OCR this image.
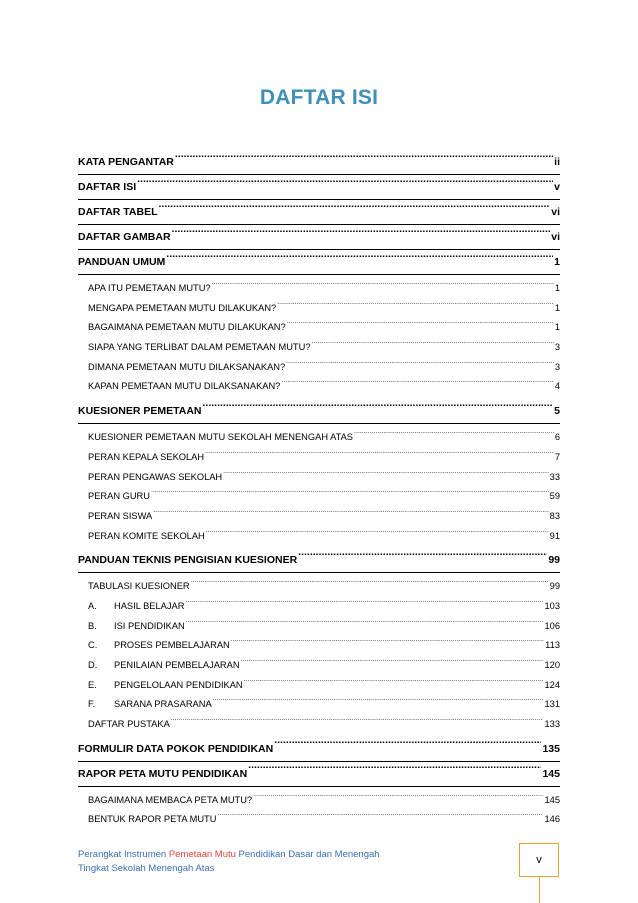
DAFTAR ISI
KATA PENGANTAR .....	ii
DAFTAR ISI .....	v
DAFTAR TABEL .....	vi
DAFTAR GAMBAR .....	vi
PANDUAN UMUM .....	1
APA ITU PEMETAAN MUTU? .....	1
MENGAPA PEMETAAN MUTU DILAKUKAN? .....	1
BAGAIMANA PEMETAAN MUTU DILAKUKAN? .....	1
SIAPA YANG TERLIBAT DALAM PEMETAAN MUTU? .....	3
DIMANA PEMETAAN MUTU DILAKSANAKAN? .....	3
KAPAN PEMETAAN MUTU DILAKSANAKAN? .....	4
KUESIONER PEMETAAN .....	5
KUESIONER PEMETAAN MUTU SEKOLAH MENENGAH ATAS .....	6
PERAN KEPALA SEKOLAH .....	7
PERAN PENGAWAS SEKOLAH .....	33
PERAN GURU .....	59
PERAN SISWA .....	83
PERAN KOMITE SEKOLAH .....	91
PANDUAN TEKNIS PENGISIAN KUESIONER .....	99
TABULASI KUESIONER .....	99
A. HASIL BELAJAR .....	103
B. ISI PENDIDIKAN .....	106
C. PROSES PEMBELAJARAN .....	113
D. PENILAIAN PEMBELAJARAN .....	120
E. PENGELOLAAN PENDIDIKAN .....	124
F. SARANA PRASARANA .....	131
DAFTAR PUSTAKA .....	133
FORMULIR DATA POKOK PENDIDIKAN .....	135
RAPOR PETA MUTU PENDIDIKAN .....	145
BAGAIMANA MEMBACA PETA MUTU? .....	145
BENTUK RAPOR PETA MUTU .....	146
Perangkat Instrumen Pemetaan Mutu Pendidikan Dasar dan Menengah
Tingkat Sekolah Menengah Atas
v
